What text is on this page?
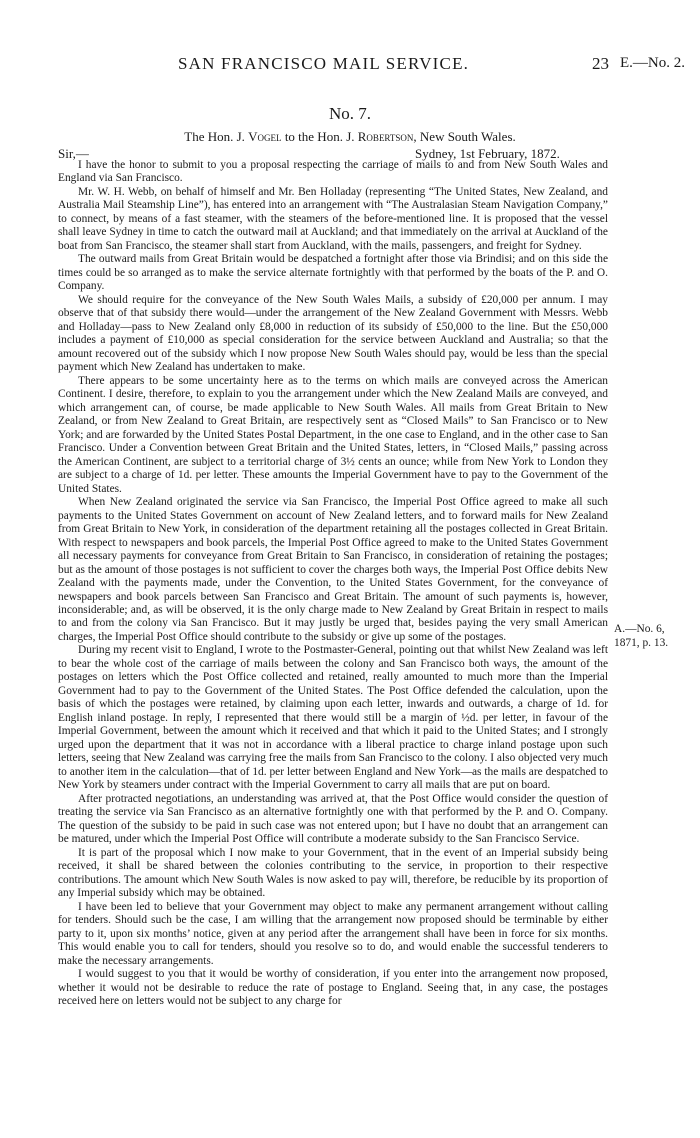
SAN FRANCISCO MAIL SERVICE.	23 E.—No. 2.
No. 7.
The Hon. J. Vogel to the Hon. J. Robertson, New South Wales.
Sir,—	Sydney, 1st February, 1872.

I have the honor to submit to you a proposal respecting the carriage of mails to and from New South Wales and England via San Francisco.

Mr. W. H. Webb, on behalf of himself and Mr. Ben Holladay (representing “The United States, New Zealand, and Australia Mail Steamship Line”), has entered into an arrangement with “The Australasian Steam Navigation Company,” to connect, by means of a fast steamer, with the steamers of the before-mentioned line. It is proposed that the vessel shall leave Sydney in time to catch the outward mail at Auckland; and that immediately on the arrival at Auckland of the boat from San Francisco, the steamer shall start from Auckland, with the mails, passengers, and freight for Sydney.

The outward mails from Great Britain would be despatched a fortnight after those via Brindisi; and on this side the times could be so arranged as to make the service alternate fortnightly with that performed by the boats of the P. and O. Company.

We should require for the conveyance of the New South Wales Mails, a subsidy of £20,000 per annum. I may observe that of that subsidy there would—under the arrangement of the New Zealand Government with Messrs. Webb and Holladay—pass to New Zealand only £8,000 in reduction of its subsidy of £50,000 to the line. But the £50,000 includes a payment of £10,000 as special consideration for the service between Auckland and Australia; so that the amount recovered out of the subsidy which I now propose New South Wales should pay, would be less than the special payment which New Zealand has undertaken to make.

There appears to be some uncertainty here as to the terms on which mails are conveyed across the American Continent. I desire, therefore, to explain to you the arrangement under which the New Zealand Mails are conveyed, and which arrangement can, of course, be made applicable to New South Wales. All mails from Great Britain to New Zealand, or from New Zealand to Great Britain, are respectively sent as “Closed Mails” to San Francisco or to New York; and are forwarded by the United States Postal Department, in the one case to England, and in the other case to San Francisco. Under a Convention between Great Britain and the United States, letters, in “Closed Mails,” passing across the American Continent, are subject to a territorial charge of 3½ cents an ounce; while from New York to London they are subject to a charge of 1d. per letter. These amounts the Imperial Government have to pay to the Government of the United States.

When New Zealand originated the service via San Francisco, the Imperial Post Office agreed to make all such payments to the United States Government on account of New Zealand letters, and to forward mails for New Zealand from Great Britain to New York, in consideration of the department retaining all the postages collected in Great Britain. With respect to newspapers and book parcels, the Imperial Post Office agreed to make to the United States Government all necessary payments for conveyance from Great Britain to San Francisco, in consideration of retaining the postages; but as the amount of those postages is not sufficient to cover the charges both ways, the Imperial Post Office debits New Zealand with the payments made, under the Convention, to the United States Government, for the conveyance of newspapers and book parcels between San Francisco and Great Britain. The amount of such payments is, however, inconsiderable; and, as will be observed, it is the only charge made to New Zealand by Great Britain in respect to mails to and from the colony via San Francisco. But it may justly be urged that, besides paying the very small American charges, the Imperial Post Office should contribute to the subsidy or give up some of the postages.

During my recent visit to England, I wrote to the Postmaster-General, pointing out that whilst New Zealand was left to bear the whole cost of the carriage of mails between the colony and San Francisco both ways, the amount of the postages on letters which the Post Office collected and retained, really amounted to much more than the Imperial Government had to pay to the Government of the United States. The Post Office defended the calculation, upon the basis of which the postages were retained, by claiming upon each letter, inwards and outwards, a charge of 1d. for English inland postage. In reply, I represented that there would still be a margin of ½d. per letter, in favour of the Imperial Government, between the amount which it received and that which it paid to the United States; and I strongly urged upon the department that it was not in accordance with a liberal practice to charge inland postage upon such letters, seeing that New Zealand was carrying free the mails from San Francisco to the colony. I also objected very much to another item in the calculation—that of 1d. per letter between England and New York—as the mails are despatched to New York by steamers under contract with the Imperial Government to carry all mails that are put on board.

After protracted negotiations, an understanding was arrived at, that the Post Office would consider the question of treating the service via San Francisco as an alternative fortnightly one with that performed by the P. and O. Company. The question of the subsidy to be paid in such case was not entered upon; but I have no doubt that an arrangement can be matured, under which the Imperial Post Office will contribute a moderate subsidy to the San Francisco Service.

It is part of the proposal which I now make to your Government, that in the event of an Imperial subsidy being received, it shall be shared between the colonies contributing to the service, in proportion to their respective contributions. The amount which New South Wales is now asked to pay will, therefore, be reducible by its proportion of any Imperial subsidy which may be obtained.

I have been led to believe that your Government may object to make any permanent arrangement without calling for tenders. Should such be the case, I am willing that the arrangement now proposed should be terminable by either party to it, upon six months’ notice, given at any period after the arrangement shall have been in force for six months. This would enable you to call for tenders, should you resolve so to do, and would enable the successful tenderers to make the necessary arrangements.

I would suggest to you that it would be worthy of consideration, if you enter into the arrangement now proposed, whether it would not be desirable to reduce the rate of postage to England. Seeing that, in any case, the postages received here on letters would not be subject to any charge for

A.—No. 6,
1871, p. 13.
